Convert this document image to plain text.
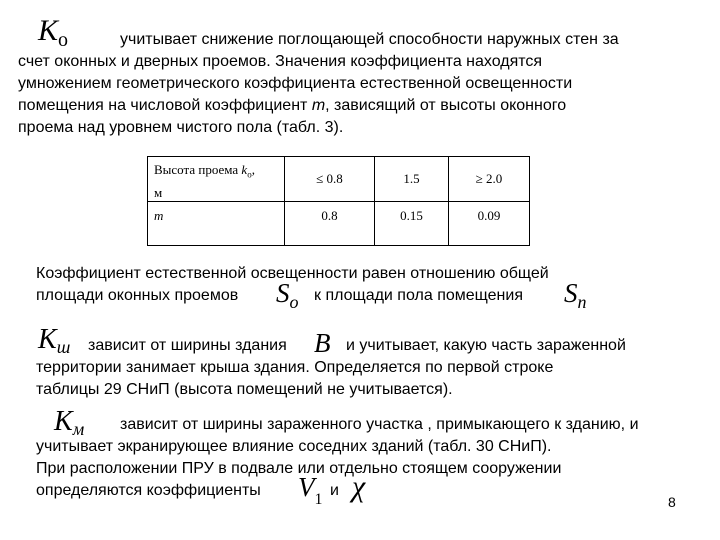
$K_o$	учитывает снижение поглощающей способности наружных стен за
счет оконных и дверных проемов. Значения коэффициента находятся
умножением геометрического коэффициента естественной освещенности
помещения на числовой коэффициент m, зависящий от высоты оконного
проема над уровнем чистого пола (табл. 3).
Высота проема $k_o$,
м	≤ 0.8	1.5	≥ 2.0
m	0.8	0.15	0.09
Коэффициент естественной освещенности равен отношению общей
площади оконных проемов $S_o$ к площади пола помещения $S_п$
Kш зависит от ширины здания B и учитывает, какую часть зараженной
территории занимает крыша здания. Определяется по первой строке
таблицы 29 СНиП (высота помещений не учитывается).
Kм зависит от ширины зараженного участка , примыкающего к зданию, и
учитывает экранирующее влияние соседних зданий (табл. 30 СНиП).
При расположении ПРУ в подвале или отдельно стоящем сооружении
определяются коэффициенты $V_1$
и χ	8
